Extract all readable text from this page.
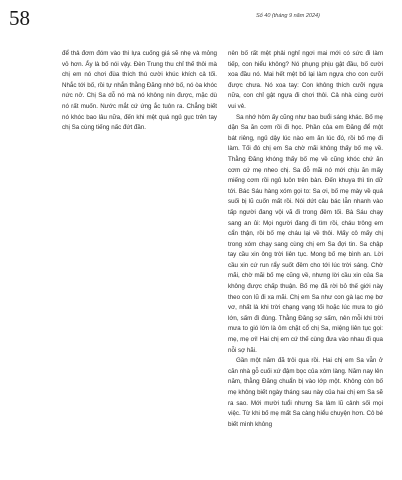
58	Số 40 (tháng 9 năm 2024)

để thả đơm đóm vào thì lựa cuống giá sẽ nhẹ và mỏng vỏ hơn. Ấy là bố nói vậy. Đèn Trung thu chỉ thế thôi mà chị em nó chơi đùa thích thú cười khúc khích cả tối. Nhắc tới bố, rồi tự nhắn thằng Đăng nhớ bố, nó òa khóc nức nở. Chị Sa dỗ nó mà nó không nín được, mặc dù nó rất muốn. Nước mắt cứ ứng ắc tuôn ra. Chẳng biết nó khóc bao lâu nữa, đến khi mệt quá ngủ gục trên tay chị Sa cùng tiếng nấc đứt đần.

nên bố rất mệt phải nghỉ ngơi mai mới có sức đi làm tiếp, con hiểu không? Nó phụng phịu gật đầu, bố cười xoa đầu nó. Mai hết mệt bố lại làm ngựa cho con cưỡi được chưa. Nó xoa tay: Con không thích cưỡi ngựa nữa, con chỉ gật ngựa đi chơi thôi. Cả nhà cùng cười vui vẻ.

Sa nhớ hôm ấy cũng như bao buổi sáng khác. Bố mẹ dặn Sa ăn cơm rồi đi học. Phần của em Đăng để một bát riêng, ngủ dậy lúc nào em ăn lúc đó, rồi bố mẹ đi làm. Tối đó chị em Sa chờ mãi không thấy bố mẹ về. Thằng Đăng khóng thấy bố mẹ về cũng khóc chứ ăn cơm cứ mẹ nheo chị. Sa đỗ mãi nó mới chịu ăn mấy miếng cơm rồi ngủ luôn trên bàn. Đến khuya thì tin dữ tới. Bác Sáu hàng xóm gọi to: Sa ơi, bố mẹ mày về quá suối bị lũ cuốn mất rồi. Nói dứt câu bác lẫn nhanh vào tấp người đang vội vã đi trong đêm tối. Bà Sáu chạy sang an ủi: Mọi người đang đi tìm rồi, cháu trông em cẩn thận, rồi bố mẹ cháu lại về thôi. Mấy cô mấy chị trong xóm chạy sang cùng chị em Sa đợi tin. Sa chập tay cầu xin ông trời liên tục. Mong bố mẹ bình an. Lời cầu xin cứ run rẩy suốt đêm cho tới lúc trời sáng. Chờ mãi, chờ mãi bố mẹ cũng về, nhưng lời cầu xin của Sa không được chấp thuận. Bố mẹ đã rời bỏ thế giới này theo con lũ đi xa mãi. Chị em Sa như con gà lạc mẹ bơ vơ, nhất là khi trời chạng vạng tối hoặc lúc mưa to gió lớn, sấm đì đùng. Thằng Đăng sợ sấm, nên mỗi khi trời mưa to gió lớn là ôm chặt cổ chị Sa, miệng liên tục gọi: mẹ, mẹ ơi! Hai chị em cứ thế cùng đưa vào nhau đi qua nỗi sợ hãi.

Gần một năm đã trôi qua rồi. Hai chị em Sa vẫn ở căn nhà gỗ cuối xứ đậm bọc của xóm làng. Năm nay lên năm, thằng Đăng chuẩn bị vào lớp một. Không còn bố mẹ không biết ngày tháng sau này của hai chị em Sa sẽ ra sao. Mới mười tuổi nhưng Sa làm lũ cảnh sối mọi việc. Từ khi bố mẹ mất Sa càng hiểu chuyện hơn. Cô bé biết mình không
